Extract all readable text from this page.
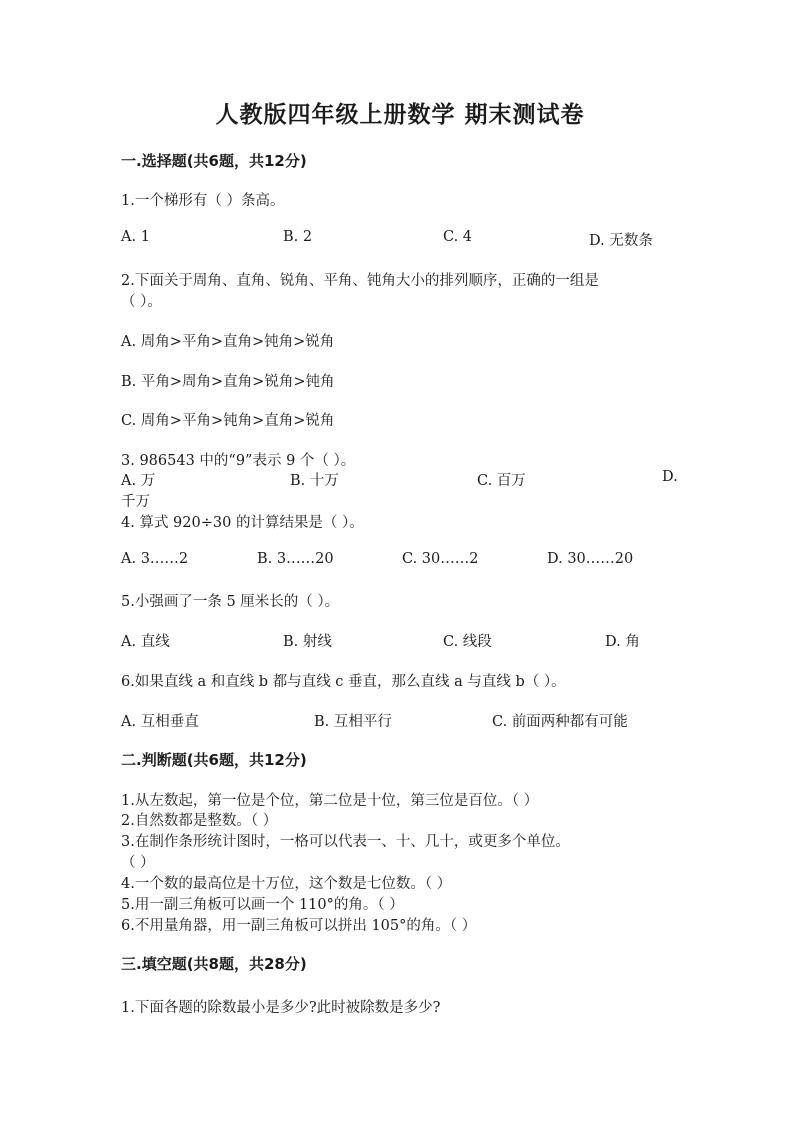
人教版四年级上册数学 期末测试卷
一.选择题(共6题，共12分)
1.一个梯形有（ ）条高。
A. 1	B. 2	C. 4	D. 无数条
2.下面关于周角、直角、锐角、平角、钝角大小的排列顺序，正确的一组是
（ ）。
A. 周角>平角>直角>钝角>锐角
B. 平角>周角>直角>锐角>钝角
C. 周角>平角>钝角>直角>锐角
3. 986543 中的“9”表示 9 个（ ）。
A. 万	B. 十万	C. 百万	D.
千万
4. 算式 920÷30 的计算结果是（ ）。
A. 3……2	B. 3……20	C. 30……2	D. 30……20
5.小强画了一条 5 厘米长的（ ）。
A. 直线	B. 射线	C. 线段	D. 角
6.如果直线 a 和直线 b 都与直线 c 垂直，那么直线 a 与直线 b（ ）。
A. 互相垂直	B. 互相平行	C. 前面两种都有可能
二.判断题(共6题，共12分)
1.从左数起，第一位是个位，第二位是十位，第三位是百位。（ ）
2.自然数都是整数。（ ）
3.在制作条形统计图时，一格可以代表一、十、几十，或更多个单位。
（ ）
4.一个数的最高位是十万位，这个数是七位数。（ ）
5.用一副三角板可以画一个 110°的角。（ ）
6.不用量角器，用一副三角板可以拼出 105°的角。（ ）
三.填空题(共8题，共28分)
1.下面各题的除数最小是多少?此时被除数是多少?
